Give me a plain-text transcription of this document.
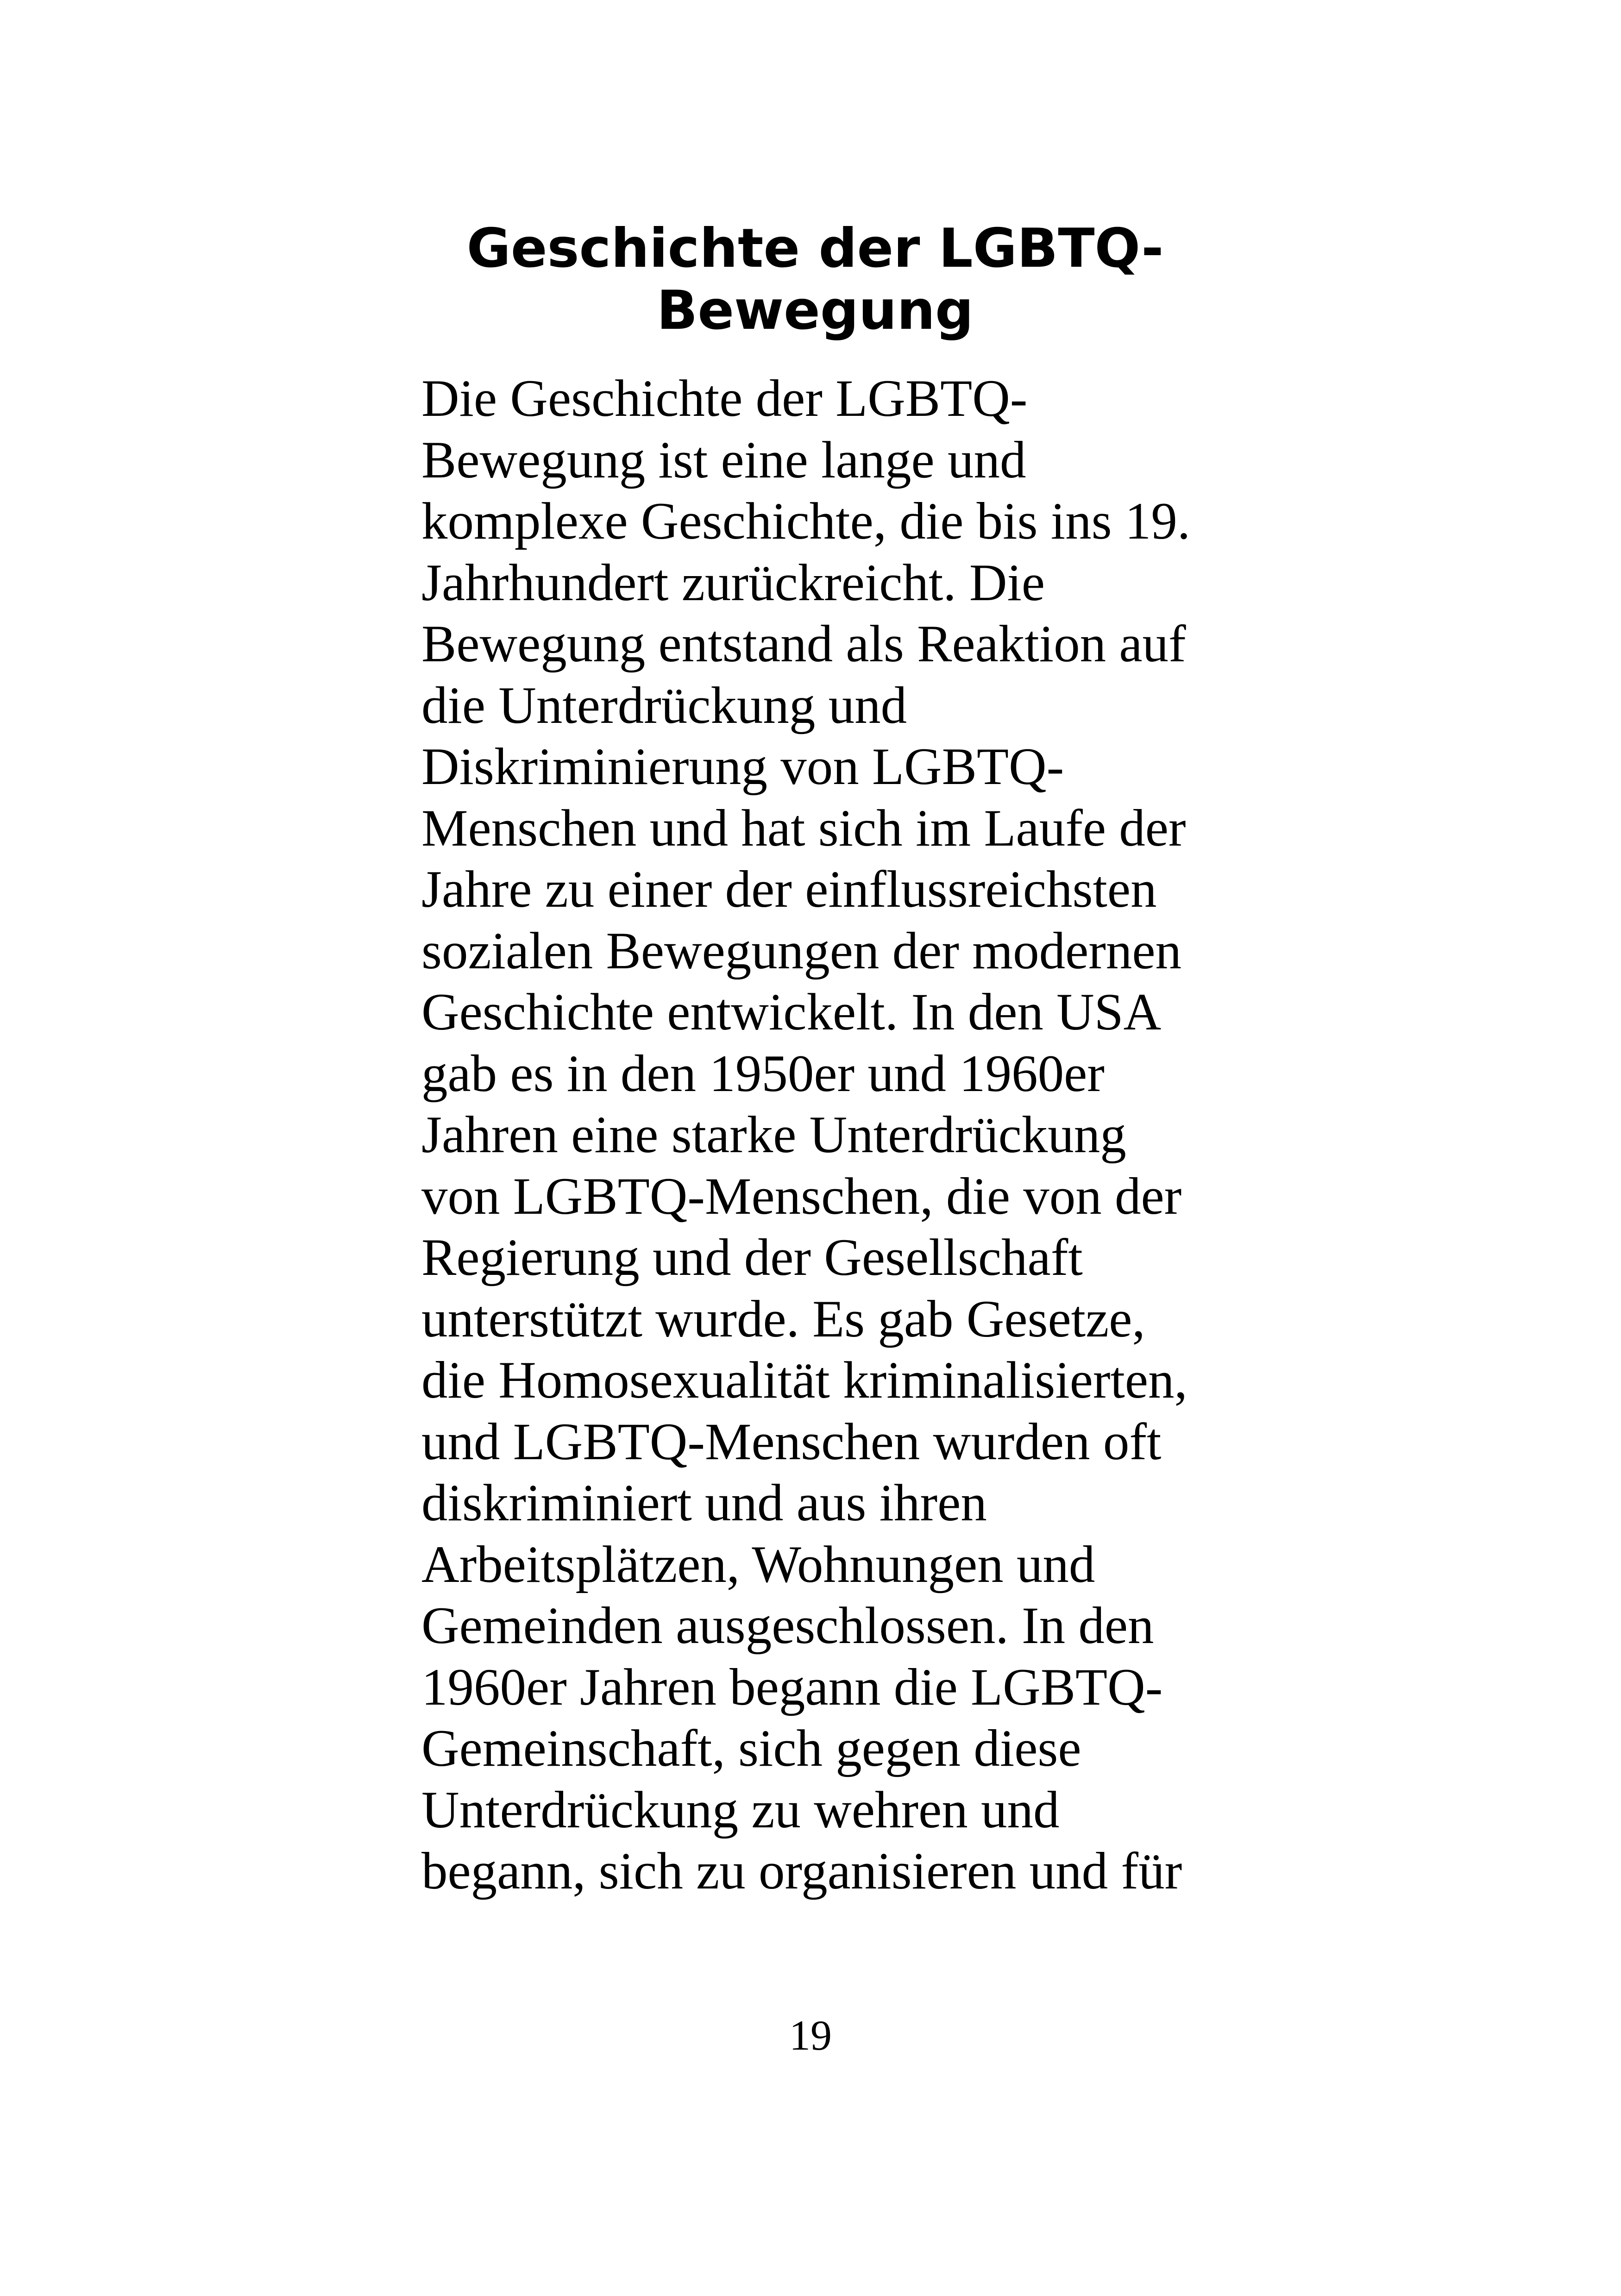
Geschichte der LGBTQ-
Bewegung
Die Geschichte der LGBTQ-
Bewegung ist eine lange und
komplexe Geschichte, die bis ins 19.
Jahrhundert zurückreicht. Die
Bewegung entstand als Reaktion auf
die Unterdrückung und
Diskriminierung von LGBTQ-
Menschen und hat sich im Laufe der
Jahre zu einer der einflussreichsten
sozialen Bewegungen der modernen
Geschichte entwickelt. In den USA
gab es in den 1950er und 1960er
Jahren eine starke Unterdrückung
von LGBTQ-Menschen, die von der
Regierung und der Gesellschaft
unterstützt wurde. Es gab Gesetze,
die Homosexualität kriminalisierten,
und LGBTQ-Menschen wurden oft
diskriminiert und aus ihren
Arbeitsplätzen, Wohnungen und
Gemeinden ausgeschlossen. In den
1960er Jahren begann die LGBTQ-
Gemeinschaft, sich gegen diese
Unterdrückung zu wehren und
begann, sich zu organisieren und für
19
